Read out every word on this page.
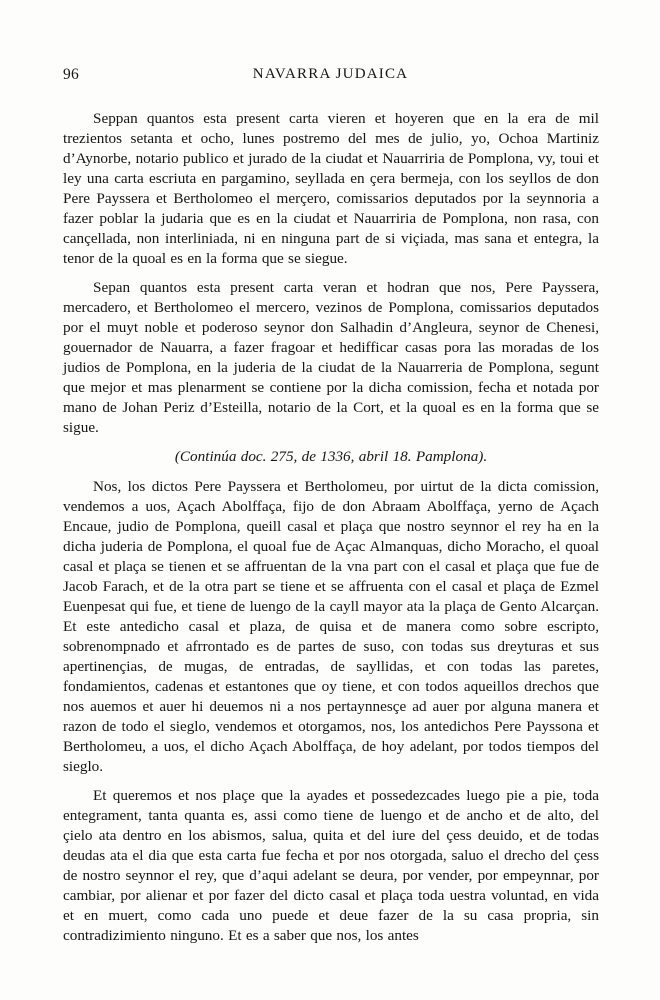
96	NAVARRA JUDAICA

Seppan quantos esta present carta vieren et hoyeren que en la era de mil trezientos setanta et ocho, lunes postremo del mes de julio, yo, Ochoa Martiniz d’Aynorbe, notario publico et jurado de la ciudat et Nauarriria de Pomplona, vy, toui et ley una carta escriuta en pargamino, seyllada en çera bermeja, con los seyllos de don Pere Payssera et Bertholomeo el merçero, comissarios deputados por la seynnoria a fazer poblar la judaria que es en la ciudat et Nauarriria de Pomplona, non rasa, con cançellada, non interliniada, ni en ninguna part de si viçiada, mas sana et entegra, la tenor de la quoal es en la forma que se siegue.

Sepan quantos esta present carta veran et hodran que nos, Pere Payssera, mercadero, et Bertholomeo el mercero, vezinos de Pomplona, comissarios deputados por el muyt noble et poderoso seynor don Salhadin d’Angleura, seynor de Chenesi, gouernador de Nauarra, a fazer fragoar et hedifficar casas pora las moradas de los judios de Pomplona, en la juderia de la ciudat de la Nauarreria de Pomplona, segunt que mejor et mas plenarment se contiene por la dicha comission, fecha et notada por mano de Johan Periz d’Esteilla, notario de la Cort, et la quoal es en la forma que se sigue.

(Continúa doc. 275, de 1336, abril 18. Pamplona).

Nos, los dictos Pere Payssera et Bertholomeu, por uirtut de la dicta comission, vendemos a uos, Açach Abolffaça, fijo de don Abraam Abolffaça, yerno de Açach Encaue, judio de Pomplona, queill casal et plaça que nostro seynnor el rey ha en la dicha juderia de Pomplona, el quoal fue de Açac Almanquas, dicho Moracho, el quoal casal et plaça se tienen et se affruentan de la vna part con el casal et plaça que fue de Jacob Farach, et de la otra part se tiene et se affruenta con el casal et plaça de Ezmel Euenpesat qui fue, et tiene de luengo de la cayll mayor ata la plaça de Gento Alcarçan. Et este antedicho casal et plaza, de quisa et de manera como sobre escripto, sobrenompnado et afrrontado es de partes de suso, con todas sus dreyturas et sus apertinençias, de mugas, de entradas, de sayllidas, et con todas las paretes, fondamientos, cadenas et estantones que oy tiene, et con todos aqueillos drechos que nos auemos et auer hi deuemos ni a nos pertaynnesçe ad auer por alguna manera et razon de todo el sieglo, vendemos et otorgamos, nos, los antedichos Pere Payssona et Bertholomeu, a uos, el dicho Açach Abolffaça, de hoy adelant, por todos tiempos del sieglo.

Et queremos et nos plaçe que la ayades et possedezcades luego pie a pie, toda entegrament, tanta quanta es, assi como tiene de luengo et de ancho et de alto, del çielo ata dentro en los abismos, salua, quita et del iure del çess deuido, et de todas deudas ata el dia que esta carta fue fecha et por nos otorgada, saluo el drecho del çess de nostro seynnor el rey, que d’aqui adelant se deura, por vender, por empeynnar, por cambiar, por alienar et por fazer del dicto casal et plaça toda uestra voluntad, en vida et en muert, como cada uno puede et deue fazer de la su casa propria, sin contradizimiento ninguno. Et es a saber que nos, los antes
